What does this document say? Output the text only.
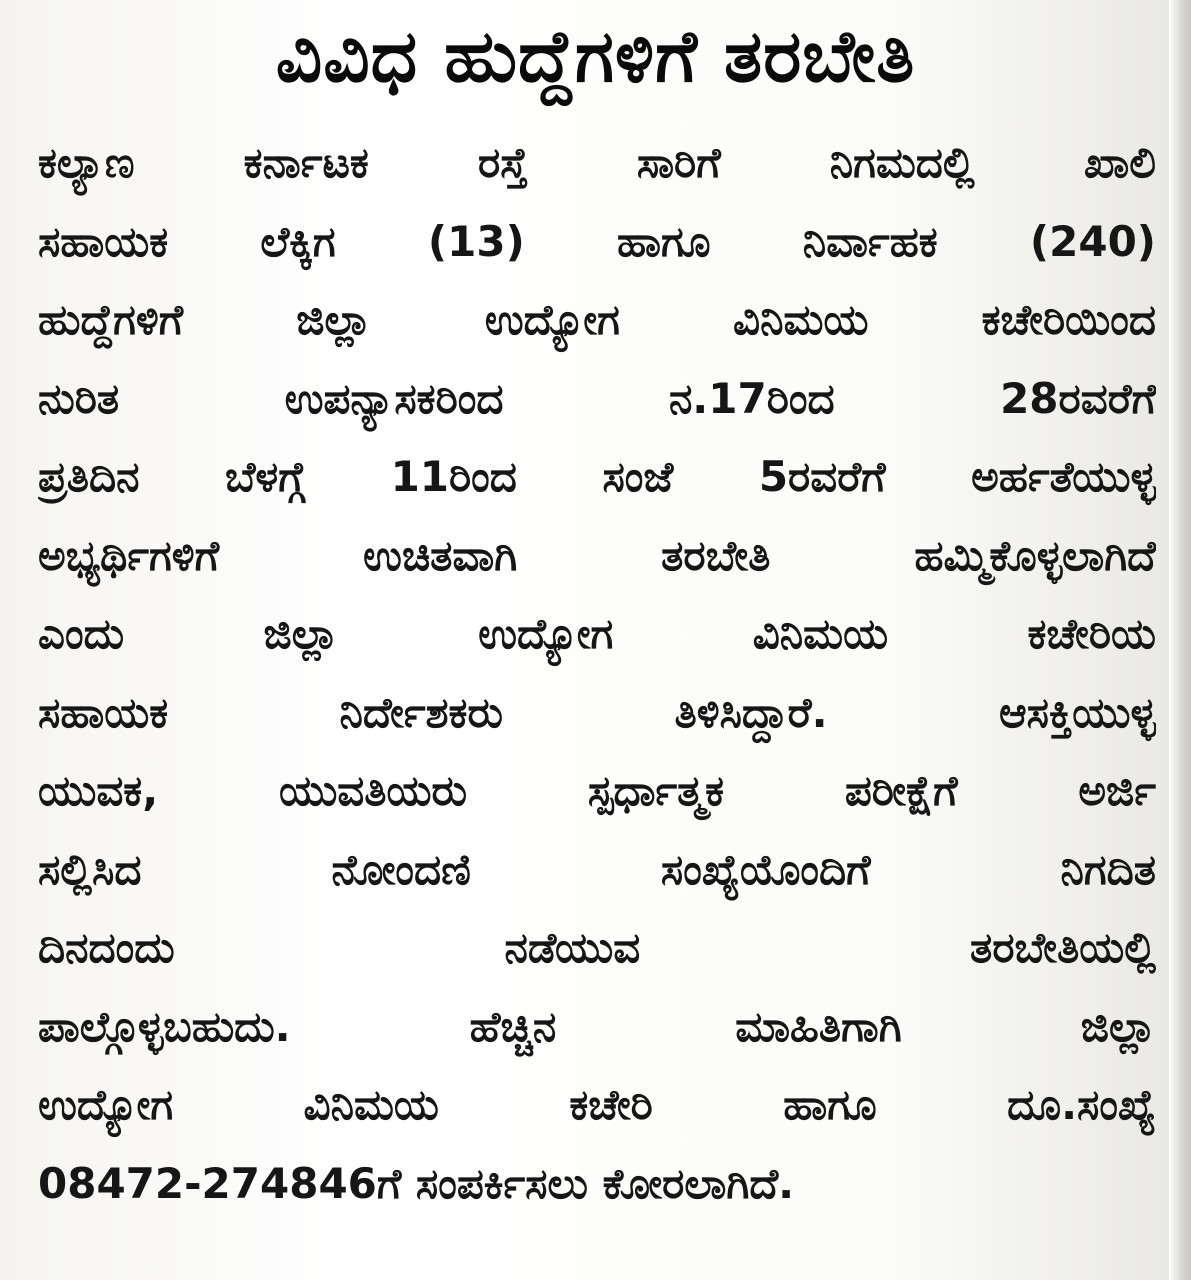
ವಿವಿಧ ಹುದ್ದೆಗಳಿಗೆ ತರಬೇತಿ
ಕಲ್ಯಾಣ ಕರ್ನಾಟಕ ರಸ್ತೆ ಸಾರಿಗೆ ನಿಗಮದಲ್ಲಿ ಖಾಲಿ
ಸಹಾಯಕ ಲೆಕ್ಕಿಗ (13) ಹಾಗೂ ನಿರ್ವಾಹಕ (240)
ಹುದ್ದೆಗಳಿಗೆ ಜಿಲ್ಲಾ ಉದ್ಯೋಗ ವಿನಿಮಯ ಕಚೇರಿಯಿಂದ
ನುರಿತ ಉಪನ್ಯಾಸಕರಿಂದ ನ.17ರಿಂದ 28ರವರೆಗೆ
ಪ್ರತಿದಿನ ಬೆಳಗ್ಗೆ 11ರಿಂದ ಸಂಜೆ 5ರವರೆಗೆ ಅರ್ಹತೆಯುಳ್ಳ
ಅಭ್ಯರ್ಥಿಗಳಿಗೆ ಉಚಿತವಾಗಿ ತರಬೇತಿ ಹಮ್ಮಿಕೊಳ್ಳಲಾಗಿದೆ
ಎಂದು ಜಿಲ್ಲಾ ಉದ್ಯೋಗ ವಿನಿಮಯ ಕಚೇರಿಯ
ಸಹಾಯಕ ನಿರ್ದೇಶಕರು ತಿಳಿಸಿದ್ದಾರೆ. ಆಸಕ್ತಿಯುಳ್ಳ
ಯುವಕ, ಯುವತಿಯರು ಸ್ಪರ್ಧಾತ್ಮಕ ಪರೀಕ್ಷೆಗೆ ಅರ್ಜಿ
ಸಲ್ಲಿಸಿದ ನೋಂದಣಿ ಸಂಖ್ಯೆಯೊಂದಿಗೆ ನಿಗದಿತ
ದಿನದಂದು ನಡೆಯುವ ತರಬೇತಿಯಲ್ಲಿ
ಪಾಲ್ಗೊಳ್ಳಬಹುದು. ಹೆಚ್ಚಿನ ಮಾಹಿತಿಗಾಗಿ ಜಿಲ್ಲಾ
ಉದ್ಯೋಗ ವಿನಿಮಯ ಕಚೇರಿ ಹಾಗೂ ದೂ.ಸಂಖ್ಯೆ
08472-274846ಗೆ ಸಂಪರ್ಕಿಸಲು ಕೋರಲಾಗಿದೆ.
